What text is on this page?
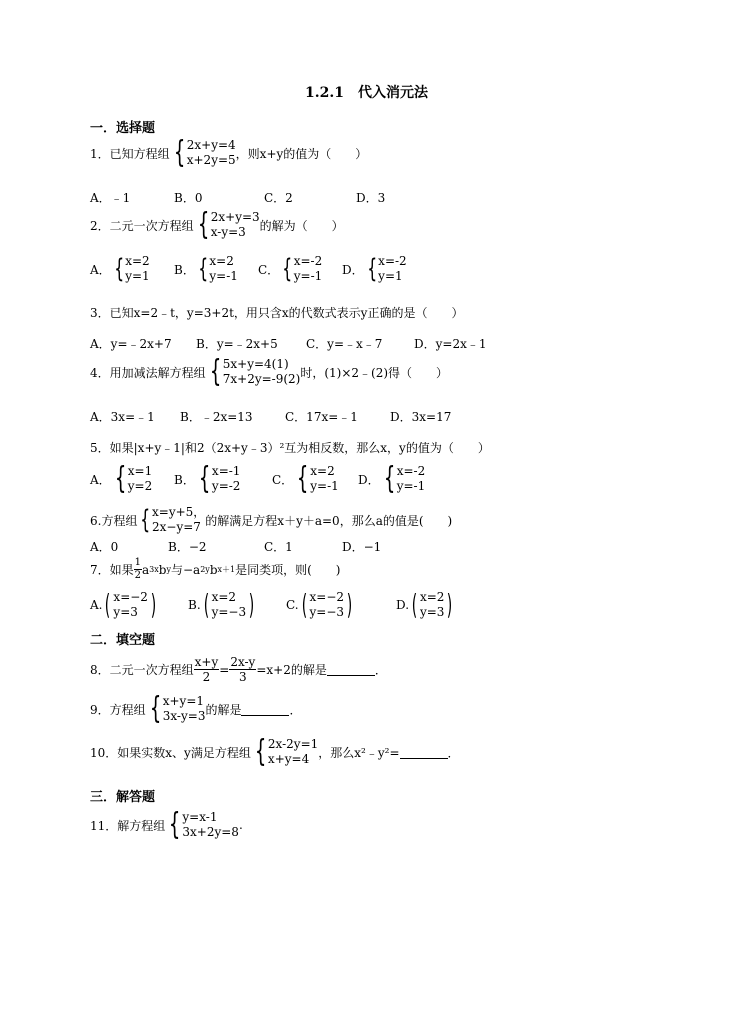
1.2.1　代入消元法
一．选择题
1．已知方程组 { 2x+y=4
x+2y=5 ，则x+y的值为（　　）
A．﹣1	B．0	C．2	D．3
2．二元一次方程组 { 2x+y=3
x-y=3	的解为（　　）
A． { x=2
y=1 B． { x=2
y=-1 C． { x=-2
y=-1 D． { x=-2
y=1
3．已知x=2﹣t，y=3+2t，用只含x的代数式表示y正确的是（　　）
A．y=﹣2x+7 B．y=﹣2x+5 C．y=﹣x﹣7	D．y=2x﹣1
4．用加减法解方程组 { 5x+y=4(1)
7x+2y=-9(2) 时，(1)×2﹣(2)得（　　）
A．3x=﹣1 B．﹣2x=13	C．17x=﹣1	D．3x=17
5．如果|x+y﹣1|和2（2x+y﹣3）²互为相反数，那么x，y的值为（　　）
A． { x=1
y=2 B． { x=-1
y=-2	C． { x=2
y=-1 D． { x=-2
y=-1
6.方程组 { x=y+5，
2x−y=7 的解满足方程x＋y＋a=0，那么a的值是(　　)
A．0	B．−2	C．1	D．−1
7．如果 $\frac{1}{2}$ a 3x b y 与−a 2y b x＋1 是同类项，则(　　)
A. ( x=−2
y=3 )	B. ( x=2
y=−3 )	C. ( x=−2
y=−3 )	D. ( x=2
y=3 )
二．填空题
8．二元一次方程组 $\frac{x+y}{2} = \frac{2x-y}{3} =x+2$的解是	．
9．方程组 { x+y=1
3x-y=3 的解是	．
10．如果实数x、y满足方程组 { 2x-2y=1
x+y=4 ，那么x²﹣y²=	．
三．解答题
11．解方程组 { y=x-1
3x+2y=8 .
